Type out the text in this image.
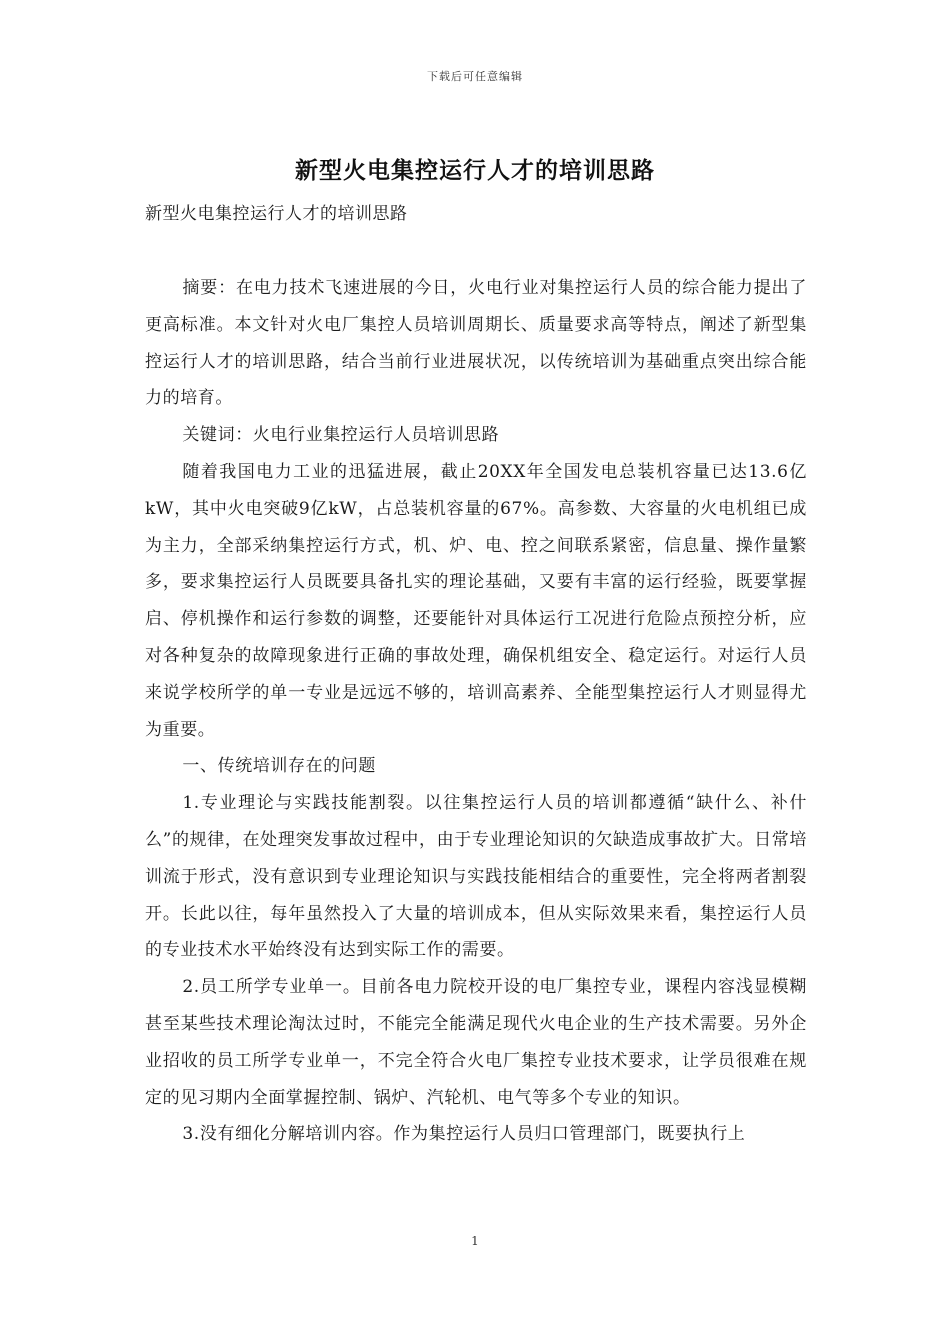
下载后可任意编辑
新型火电集控运行人才的培训思路
新型火电集控运行人才的培训思路

摘要：在电力技术飞速进展的今日，火电行业对集控运行人员的综合能力提出了更高标准。本文针对火电厂集控人员培训周期长、质量要求高等特点，阐述了新型集控运行人才的培训思路，结合当前行业进展状况，以传统培训为基础重点突出综合能力的培育。

关键词：火电行业集控运行人员培训思路

随着我国电力工业的迅猛进展，截止20XX年全国发电总装机容量已达13.6亿kW，其中火电突破9亿kW，占总装机容量的67%。高参数、大容量的火电机组已成为主力，全部采纳集控运行方式，机、炉、电、控之间联系紧密，信息量、操作量繁多，要求集控运行人员既要具备扎实的理论基础，又要有丰富的运行经验，既要掌握启、停机操作和运行参数的调整，还要能针对具体运行工况进行危险点预控分析，应对各种复杂的故障现象进行正确的事故处理，确保机组安全、稳定运行。对运行人员来说学校所学的单一专业是远远不够的，培训高素养、全能型集控运行人才则显得尤为重要。

一、传统培训存在的问题

1.专业理论与实践技能割裂。以往集控运行人员的培训都遵循“缺什么、补什么”的规律，在处理突发事故过程中，由于专业理论知识的欠缺造成事故扩大。日常培训流于形式，没有意识到专业理论知识与实践技能相结合的重要性，完全将两者割裂开。长此以往，每年虽然投入了大量的培训成本，但从实际效果来看，集控运行人员的专业技术水平始终没有达到实际工作的需要。

2.员工所学专业单一。目前各电力院校开设的电厂集控专业，课程内容浅显模糊甚至某些技术理论淘汰过时，不能完全能满足现代火电企业的生产技术需要。另外企业招收的员工所学专业单一，不完全符合火电厂集控专业技术要求，让学员很难在规定的见习期内全面掌握控制、锅炉、汽轮机、电气等多个专业的知识。

3.没有细化分解培训内容。作为集控运行人员归口管理部门，既要执行上

1
